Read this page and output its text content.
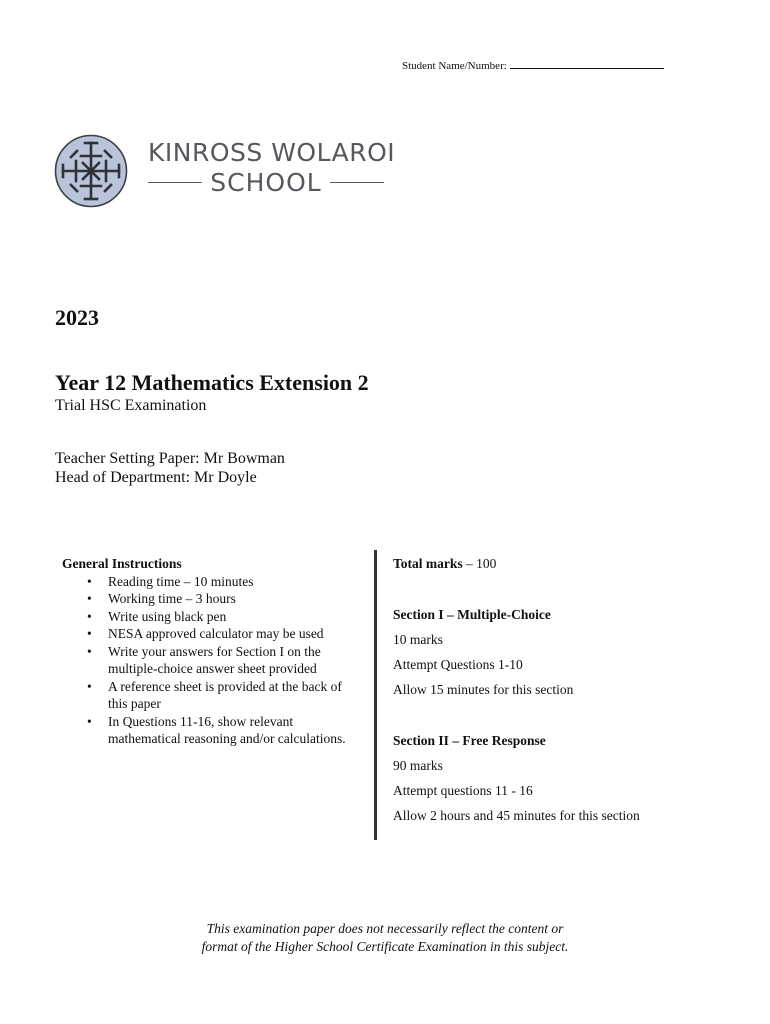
Student Name/Number:
KINROSS WOLAROI
SCHOOL
2023
Year 12 Mathematics Extension 2
Trial HSC Examination
Teacher Setting Paper: Mr Bowman
Head of Department: Mr Doyle
General Instructions
• Reading time – 10 minutes
• Working time – 3 hours
• Write using black pen
• NESA approved calculator may be used
• Write your answers for Section I on the multiple-choice answer sheet provided
• A reference sheet is provided at the back of this paper
• In Questions 11-16, show relevant mathematical reasoning and/or calculations.

Total marks – 100

Section I – Multiple-Choice

10 marks

Attempt Questions 1-10

Allow 15 minutes for this section

Section II – Free Response

90 marks

Attempt questions 11 - 16

Allow 2 hours and 45 minutes for this section

This examination paper does not necessarily reflect the content or
format of the Higher School Certificate Examination in this subject.
